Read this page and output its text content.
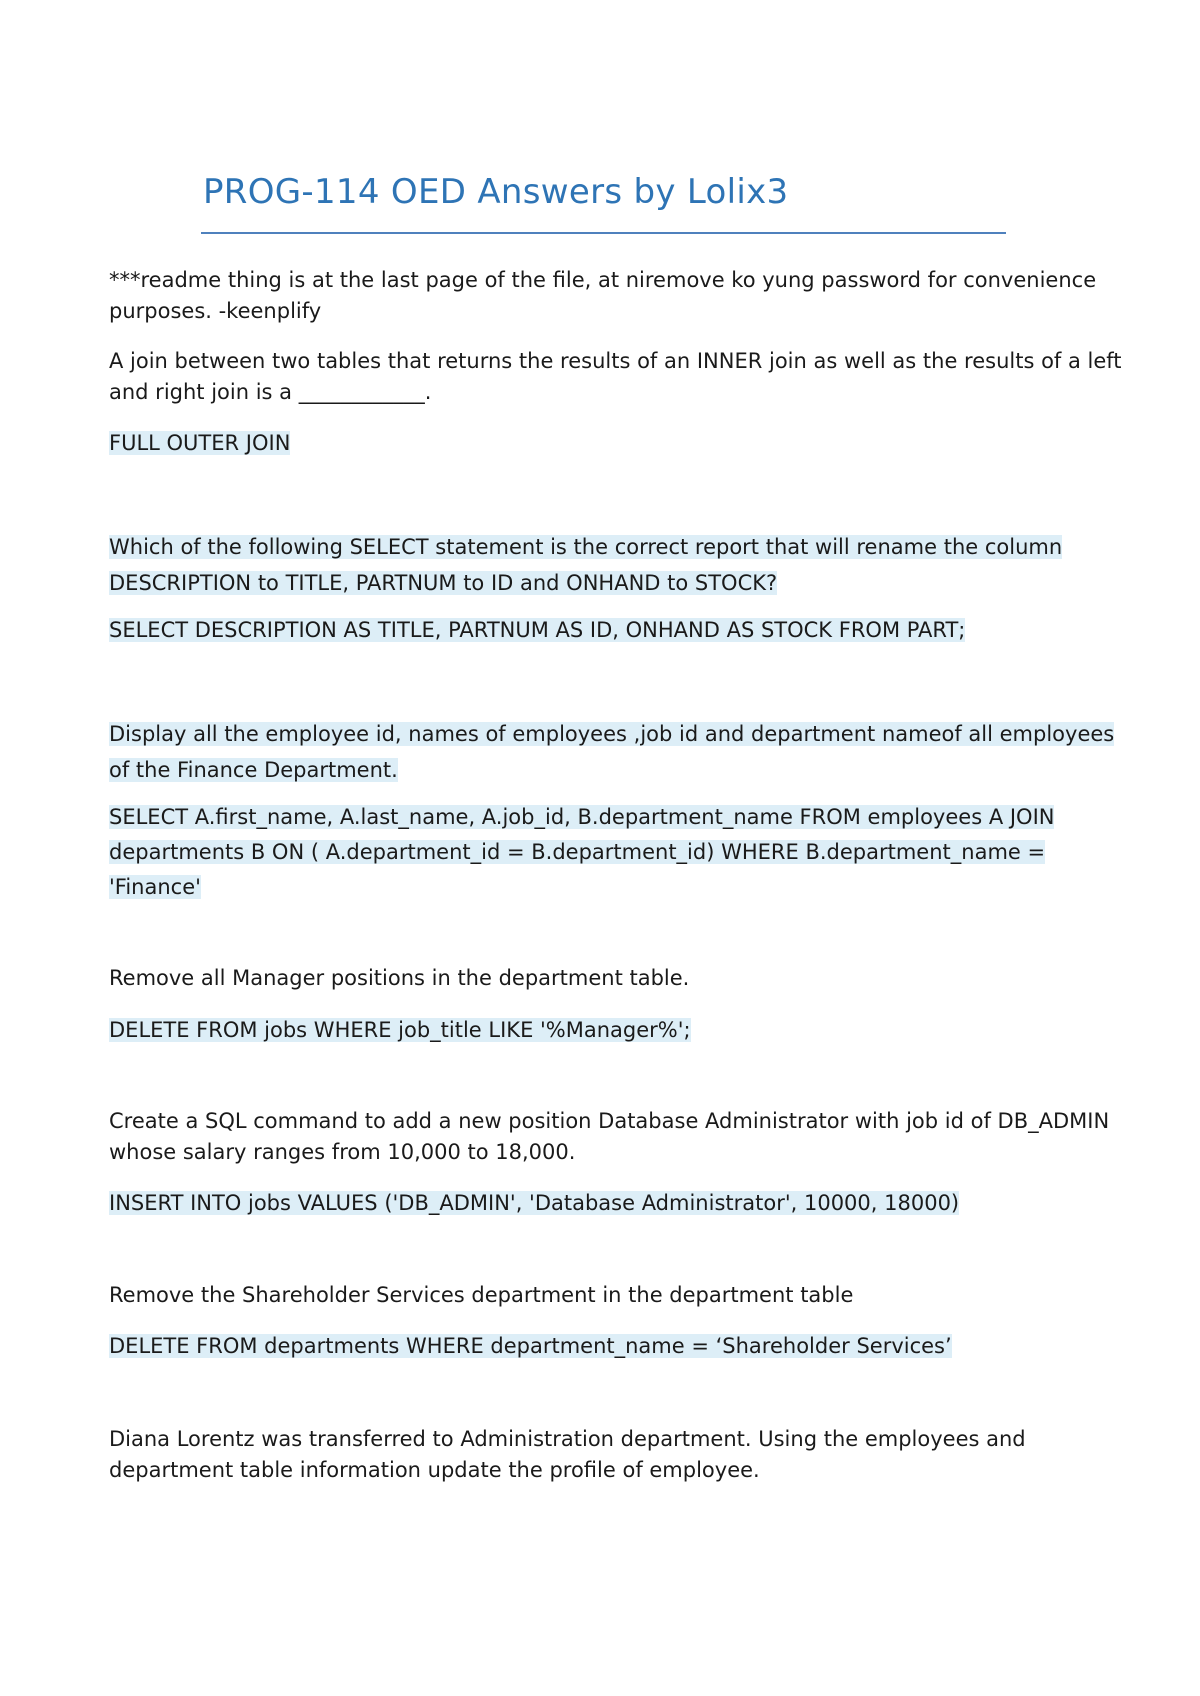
PROG-114 OED Answers by Lolix3
***readme thing is at the last page of the file, at niremove ko yung password for convenience
purposes. -keenplify
A join between two tables that returns the results of an INNER join as well as the results of a left
and right join is a ____________.
FULL OUTER JOIN
Which of the following SELECT statement is the correct report that will rename the column
DESCRIPTION to TITLE, PARTNUM to ID and ONHAND to STOCK?
SELECT DESCRIPTION AS TITLE, PARTNUM AS ID, ONHAND AS STOCK FROM PART;
Display all the employee id, names of employees ,job id and department nameof all employees
of the Finance Department.
SELECT A.first_name, A.last_name, A.job_id, B.department_name FROM employees A JOIN
departments B ON ( A.department_id = B.department_id) WHERE B.department_name =
'Finance'
Remove all Manager positions in the department table.
DELETE FROM jobs WHERE job_title LIKE '%Manager%';
Create a SQL command to add a new position Database Administrator with job id of DB_ADMIN
whose salary ranges from 10,000 to 18,000.
INSERT INTO jobs VALUES ('DB_ADMIN', 'Database Administrator', 10000, 18000)
Remove the Shareholder Services department in the department table
DELETE FROM departments WHERE department_name = ‘Shareholder Services’
Diana Lorentz was transferred to Administration department. Using the employees and
department table information update the profile of employee.
